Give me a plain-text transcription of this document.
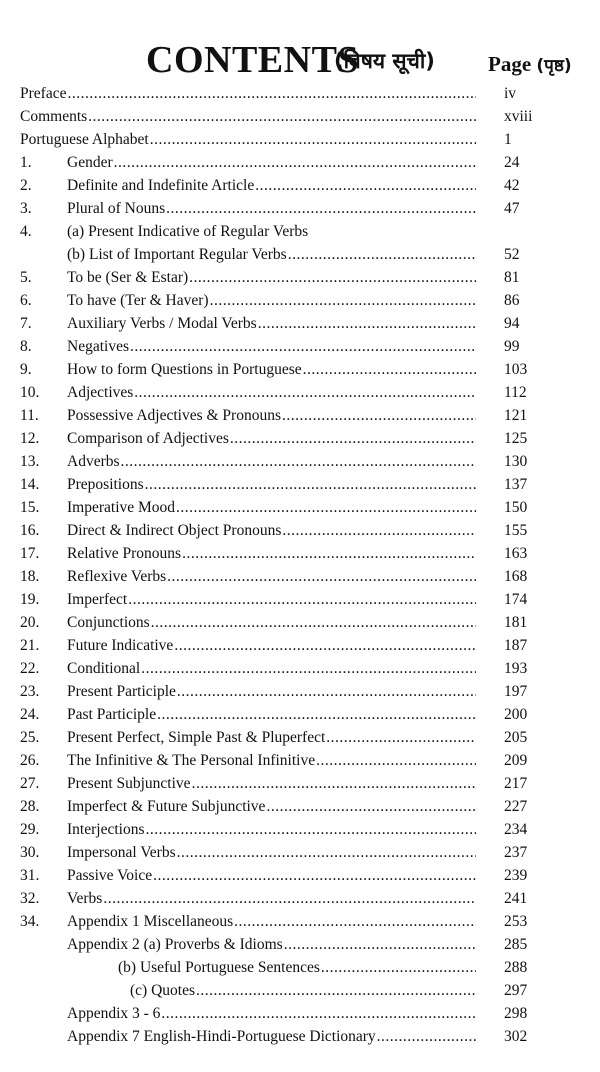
CONTENTS
(विषय सूची)	Page (पृष्ठ)
Preface .....	iv
Comments .....	xviii
Portuguese Alphabet .....	1
1. Gender .....	24
2. Definite and Indefinite Article .....	42
3. Plural of Nouns .....	47
4. (a) Present Indicative of Regular Verbs
(b) List of Important Regular Verbs .....	52
5. To be (Ser & Estar) .....	81
6. To have (Ter & Haver) .....	86
7. Auxiliary Verbs / Modal Verbs .....	94
8. Negatives .....	99
9. How to form Questions in Portuguese .....	103
10. Adjectives .....	112
11. Possessive Adjectives & Pronouns .....	121
12. Comparison of Adjectives .....	125
13. Adverbs .....	130
14. Prepositions .....	137
15. Imperative Mood .....	150
16. Direct & Indirect Object Pronouns .....	155
17. Relative Pronouns .....	163
18. Reflexive Verbs .....	168
19. Imperfect .....	174
20. Conjunctions .....	181
21. Future Indicative .....	187
22. Conditional .....	193
23. Present Participle .....	197
24. Past Participle .....	200
25. Present Perfect, Simple Past & Pluperfect .....	205
26. The Infinitive & The Personal Infinitive .....	209
27. Present Subjunctive .....	217
28. Imperfect & Future Subjunctive .....	227
29. Interjections .....	234
30. Impersonal Verbs .....	237
31. Passive Voice .....	239
32. Verbs .....	241
34. Appendix 1 Miscellaneous .....	253
Appendix 2 (a) Proverbs & Idioms .....	285
(b) Useful Portuguese Sentences .....	288
(c) Quotes .....	297
Appendix 3 - 6 .....	298
Appendix 7 English-Hindi-Portuguese Dictionary .....	302
